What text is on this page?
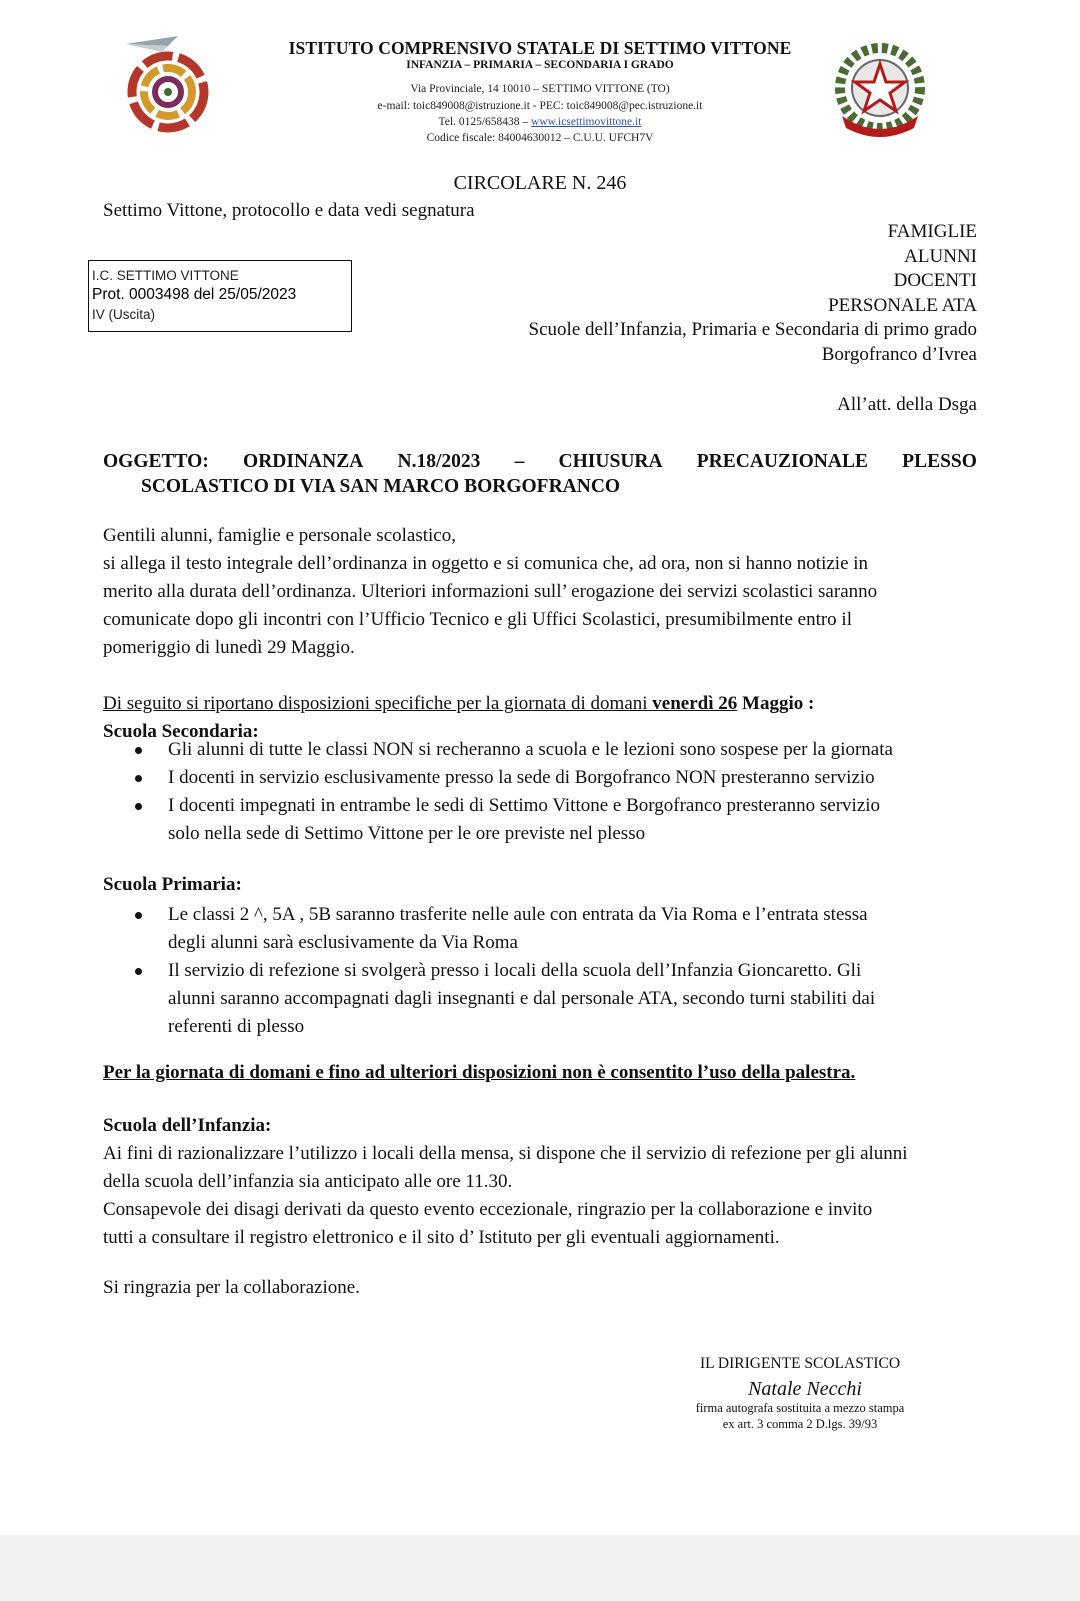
ISTITUTO COMPRENSIVO STATALE DI SETTIMO VITTONE
INFANZIA – PRIMARIA – SECONDARIA I GRADO
Via Provinciale, 14 10010 – SETTIMO VITTONE (TO)
e-mail: toic849008@istruzione.it - PEC: toic849008@pec.istruzione.it
Tel. 0125/658438 – www.icsettimovittone.it
Codice fiscale: 84004630012 – C.U.U. UFCH7V
CIRCOLARE N. 246
Settimo Vittone, protocollo e data vedi segnatura
FAMIGLIE
ALUNNI
DOCENTI
PERSONALE ATA
Scuole dell’Infanzia, Primaria e Secondaria di primo grado
Borgofranco d’Ivrea
All’att. della Dsga
I.C. SETTIMO VITTONE
Prot. 0003498 del 25/05/2023
IV (Uscita)
OGGETTO: ORDINANZA N.18/2023 – CHIUSURA PRECAUZIONALE PLESSO
SCOLASTICO DI VIA SAN MARCO BORGOFRANCO
Gentili alunni, famiglie e personale scolastico,
si allega il testo integrale dell’ordinanza in oggetto e si comunica che, ad ora, non si hanno notizie in
merito alla durata dell’ordinanza. Ulteriori informazioni sull’ erogazione dei servizi scolastici saranno
comunicate dopo gli incontri con l’Ufficio Tecnico e gli Uffici Scolastici, presumibilmente entro il
pomeriggio di lunedì 29 Maggio.
Di seguito si riportano disposizioni specifiche per la giornata di domani venerdì 26 Maggio :
Scuola Secondaria:
Gli alunni di tutte le classi NON si recheranno a scuola e le lezioni sono sospese per la giornata
I docenti in servizio esclusivamente presso la sede di Borgofranco NON presteranno servizio
I docenti impegnati in entrambe le sedi di Settimo Vittone e Borgofranco presteranno servizio
solo nella sede di Settimo Vittone per le ore previste nel plesso
Scuola Primaria:
Le classi 2 ^, 5A , 5B saranno trasferite nelle aule con entrata da Via Roma e l’entrata stessa
degli alunni sarà esclusivamente da Via Roma
Il servizio di refezione si svolgerà presso i locali della scuola dell’Infanzia Gioncaretto. Gli
alunni saranno accompagnati dagli insegnanti e dal personale ATA, secondo turni stabiliti dai
referenti di plesso
Per la giornata di domani e fino ad ulteriori disposizioni non è consentito l’uso della palestra.
Scuola dell’Infanzia:
Ai fini di razionalizzare l’utilizzo i locali della mensa, si dispone che il servizio di refezione per gli alunni
della scuola dell’infanzia sia anticipato alle ore 11.30.
Consapevole dei disagi derivati da questo evento eccezionale, ringrazio per la collaborazione e invito
tutti a consultare il registro elettronico e il sito d’ Istituto per gli eventuali aggiornamenti.
Si ringrazia per la collaborazione.
IL DIRIGENTE SCOLASTICO
Natale Necchi
firma autografa sostituita a mezzo stampa
ex art. 3 comma 2 D.lgs. 39/93
